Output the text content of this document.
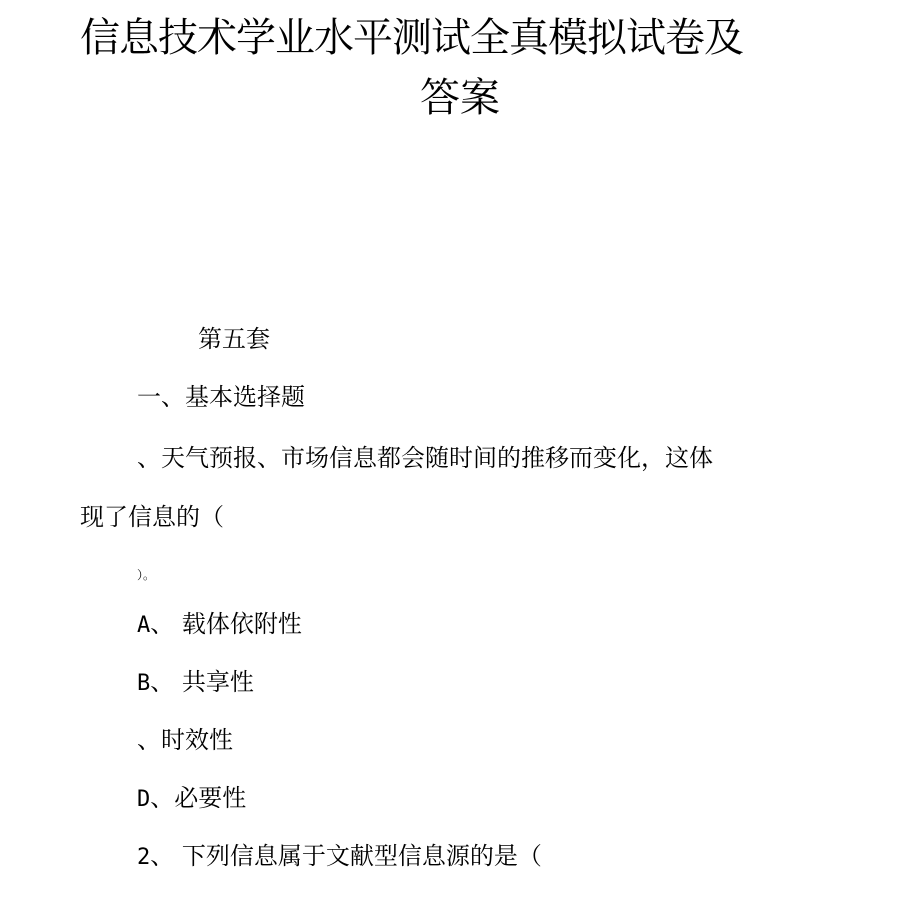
信息技术学业水平测试全真模拟试卷及
答案
第五套
一、基本选择题
、天气预报、市场信息都会随时间的推移而变化，这体
现了信息的（
）。
A、 载体依附性
B、 共享性
、时效性
D、必要性
2、 下列信息属于文献型信息源的是（
